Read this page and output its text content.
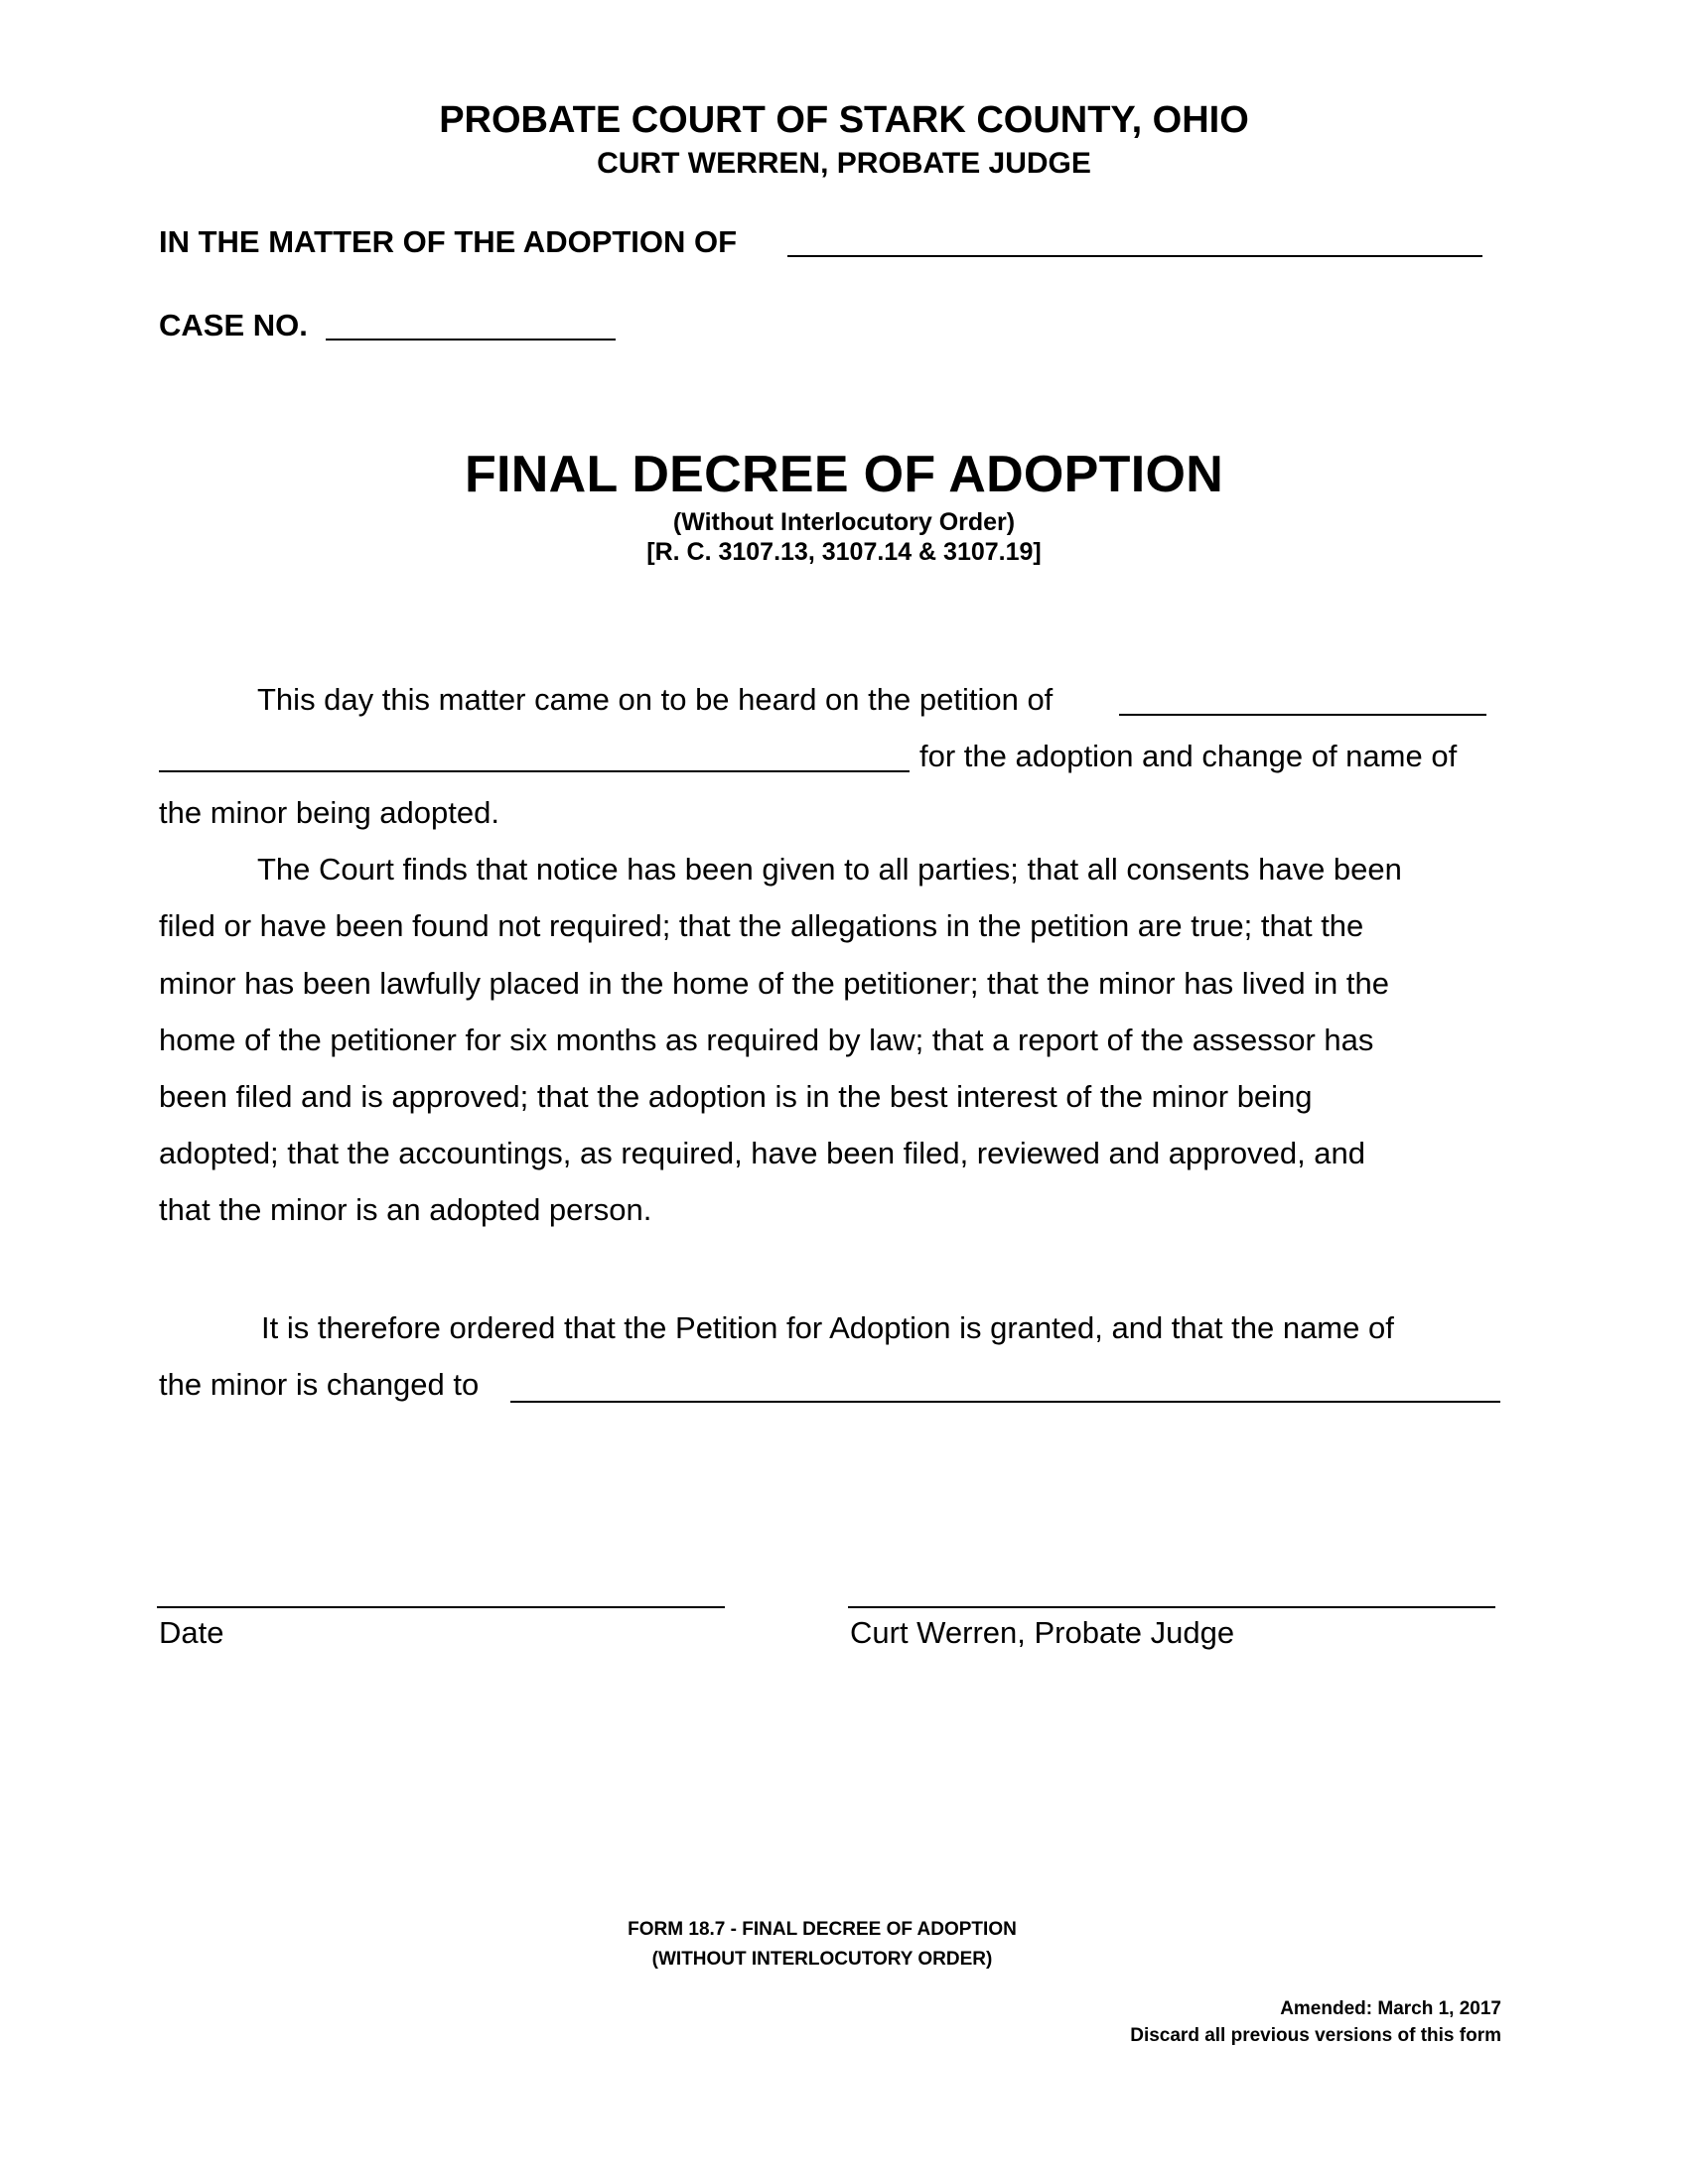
PROBATE COURT OF STARK COUNTY, OHIO
CURT WERREN, PROBATE JUDGE
IN THE MATTER OF THE ADOPTION OF
CASE NO.
FINAL DECREE OF ADOPTION
(Without Interlocutory Order)
[R. C. 3107.13, 3107.14 & 3107.19]
This day this matter came on to be heard on the petition of
for the adoption and change of name of
the minor being adopted.
The Court finds that notice has been given to all parties; that all consents have been
filed or have been found not required; that the allegations in the petition are true; that the
minor has been lawfully placed in the home of the petitioner; that the minor has lived in the
home of the petitioner for six months as required by law; that a report of the assessor has
been filed and is approved; that the adoption is in the best interest of the minor being
adopted; that the accountings, as required, have been filed, reviewed and approved, and
that the minor is an adopted person.
It is therefore ordered that the Petition for Adoption is granted, and that the name of
the minor is changed to
Date	Curt Werren, Probate Judge
FORM 18.7 - FINAL DECREE OF ADOPTION
(WITHOUT INTERLOCUTORY ORDER)
Amended: March 1, 2017
Discard all previous versions of this form
